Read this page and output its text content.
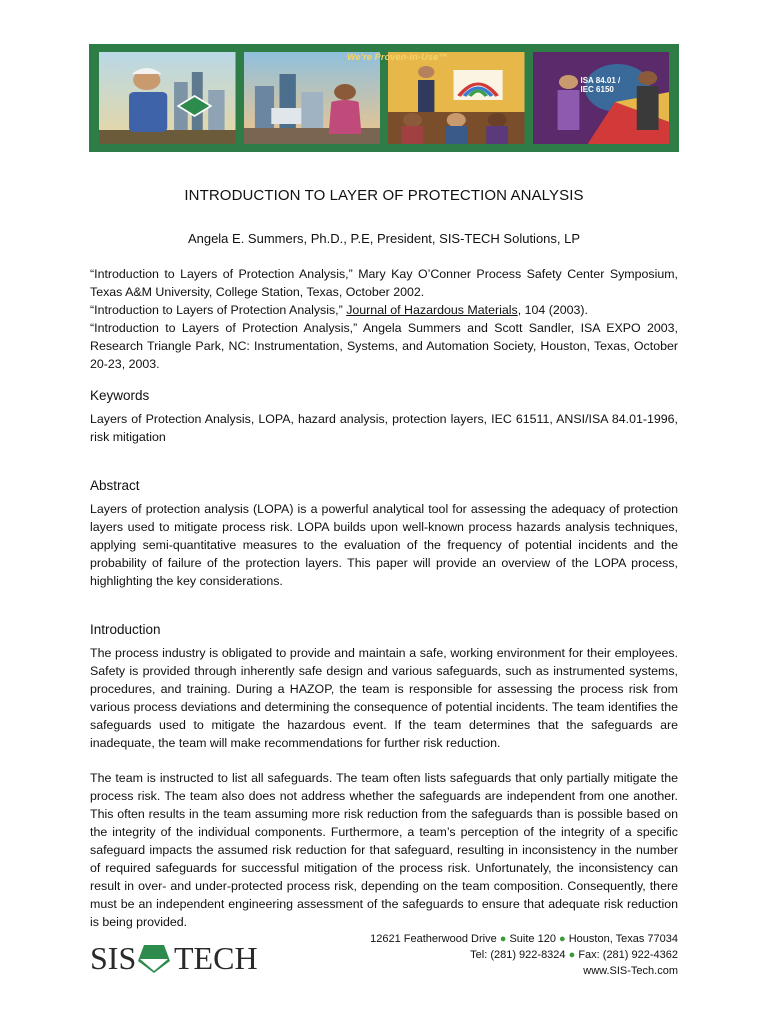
ISA 84.01 / IEC 6150
We're Proven-in-Use™
INTRODUCTION TO LAYER OF PROTECTION ANALYSIS
Angela E. Summers, Ph.D., P.E, President, SIS-TECH Solutions, LP

“Introduction to Layers of Protection Analysis,” Mary Kay O’Conner Process Safety Center Symposium, Texas A&M University, College Station, Texas, October 2002.

“Introduction to Layers of Protection Analysis,” Journal of Hazardous Materials, 104 (2003).

“Introduction to Layers of Protection Analysis,” Angela Summers and Scott Sandler, ISA EXPO 2003, Research Triangle Park, NC: Instrumentation, Systems, and Automation Society, Houston, Texas, October 20-23, 2003.

Keywords

Layers of Protection Analysis, LOPA, hazard analysis, protection layers, IEC 61511, ANSI/ISA 84.01-1996, risk mitigation

Abstract

Layers of protection analysis (LOPA) is a powerful analytical tool for assessing the adequacy of protection layers used to mitigate process risk. LOPA builds upon well-known process hazards analysis techniques, applying semi-quantitative measures to the evaluation of the frequency of potential incidents and the probability of failure of the protection layers. This paper will provide an overview of the LOPA process, highlighting the key considerations.

Introduction

The process industry is obligated to provide and maintain a safe, working environment for their employees. Safety is provided through inherently safe design and various safeguards, such as instrumented systems, procedures, and training. During a HAZOP, the team is responsible for assessing the process risk from various process deviations and determining the consequence of potential incidents. The team identifies the safeguards used to mitigate the hazardous event. If the team determines that the safeguards are inadequate, the team will make recommendations for further risk reduction.

The team is instructed to list all safeguards. The team often lists safeguards that only partially mitigate the process risk. The team also does not address whether the safeguards are independent from one another. This often results in the team assuming more risk reduction from the safeguards than is possible based on the integrity of the individual components. Furthermore, a team’s perception of the integrity of a specific safeguard impacts the assumed risk reduction for that safeguard, resulting in inconsistency in the number of required safeguards for successful mitigation of the process risk. Unfortunately, the inconsistency can result in over- and under-protected process risk, depending on the team composition. Consequently, there must be an independent engineering assessment of the safeguards to ensure that adequate risk reduction is being provided.

SIS TECH
12621 Featherwood Drive ● Suite 120 ● Houston, Texas 77034
Tel: (281) 922-8324 ● Fax: (281) 922-4362
www.SIS-Tech.com
